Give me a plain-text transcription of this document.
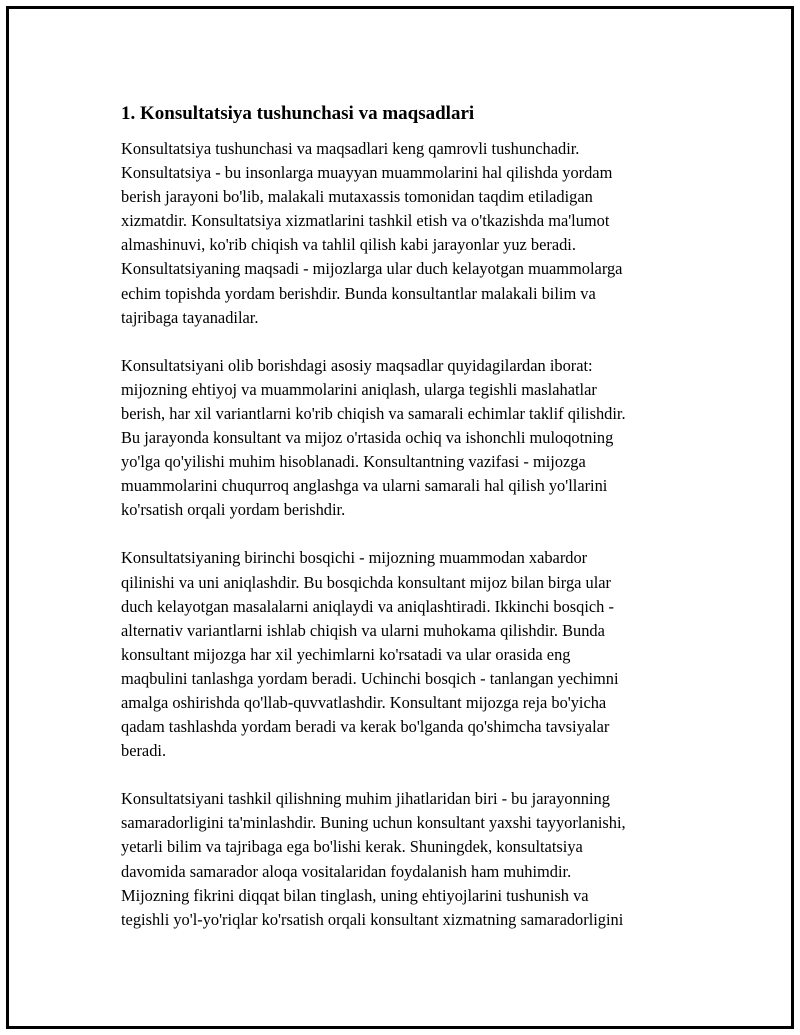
1. Konsultatsiya tushunchasi va maqsadlari
Konsultatsiya tushunchasi va maqsadlari keng qamrovli tushunchadir.
Konsultatsiya - bu insonlarga muayyan muammolarini hal qilishda yordam
berish jarayoni bo'lib, malakali mutaxassis tomonidan taqdim etiladigan
xizmatdir. Konsultatsiya xizmatlarini tashkil etish va o'tkazishda ma'lumot
almashinuvi, ko'rib chiqish va tahlil qilish kabi jarayonlar yuz beradi.
Konsultatsiyaning maqsadi - mijozlarga ular duch kelayotgan muammolarga
echim topishda yordam berishdir. Bunda konsultantlar malakali bilim va
tajribaga tayanadilar.
Konsultatsiyani olib borishdagi asosiy maqsadlar quyidagilardan iborat:
mijozning ehtiyoj va muammolarini aniqlash, ularga tegishli maslahatlar
berish, har xil variantlarni ko'rib chiqish va samarali echimlar taklif qilishdir.
Bu jarayonda konsultant va mijoz o'rtasida ochiq va ishonchli muloqotning
yo'lga qo'yilishi muhim hisoblanadi. Konsultantning vazifasi - mijozga
muammolarini chuqurroq anglashga va ularni samarali hal qilish yo'llarini
ko'rsatish orqali yordam berishdir.
Konsultatsiyaning birinchi bosqichi - mijozning muammodan xabardor
qilinishi va uni aniqlashdir. Bu bosqichda konsultant mijoz bilan birga ular
duch kelayotgan masalalarni aniqlaydi va aniqlashtiradi. Ikkinchi bosqich -
alternativ variantlarni ishlab chiqish va ularni muhokama qilishdir. Bunda
konsultant mijozga har xil yechimlarni ko'rsatadi va ular orasida eng
maqbulini tanlashga yordam beradi. Uchinchi bosqich - tanlangan yechimni
amalga oshirishda qo'llab-quvvatlashdir. Konsultant mijozga reja bo'yicha
qadam tashlashda yordam beradi va kerak bo'lganda qo'shimcha tavsiyalar
beradi.
Konsultatsiyani tashkil qilishning muhim jihatlaridan biri - bu jarayonning
samaradorligini ta'minlashdir. Buning uchun konsultant yaxshi tayyorlanishi,
yetarli bilim va tajribaga ega bo'lishi kerak. Shuningdek, konsultatsiya
davomida samarador aloqa vositalaridan foydalanish ham muhimdir.
Mijozning fikrini diqqat bilan tinglash, uning ehtiyojlarini tushunish va
tegishli yo'l-yo'riqlar ko'rsatish orqali konsultant xizmatning samaradorligini
